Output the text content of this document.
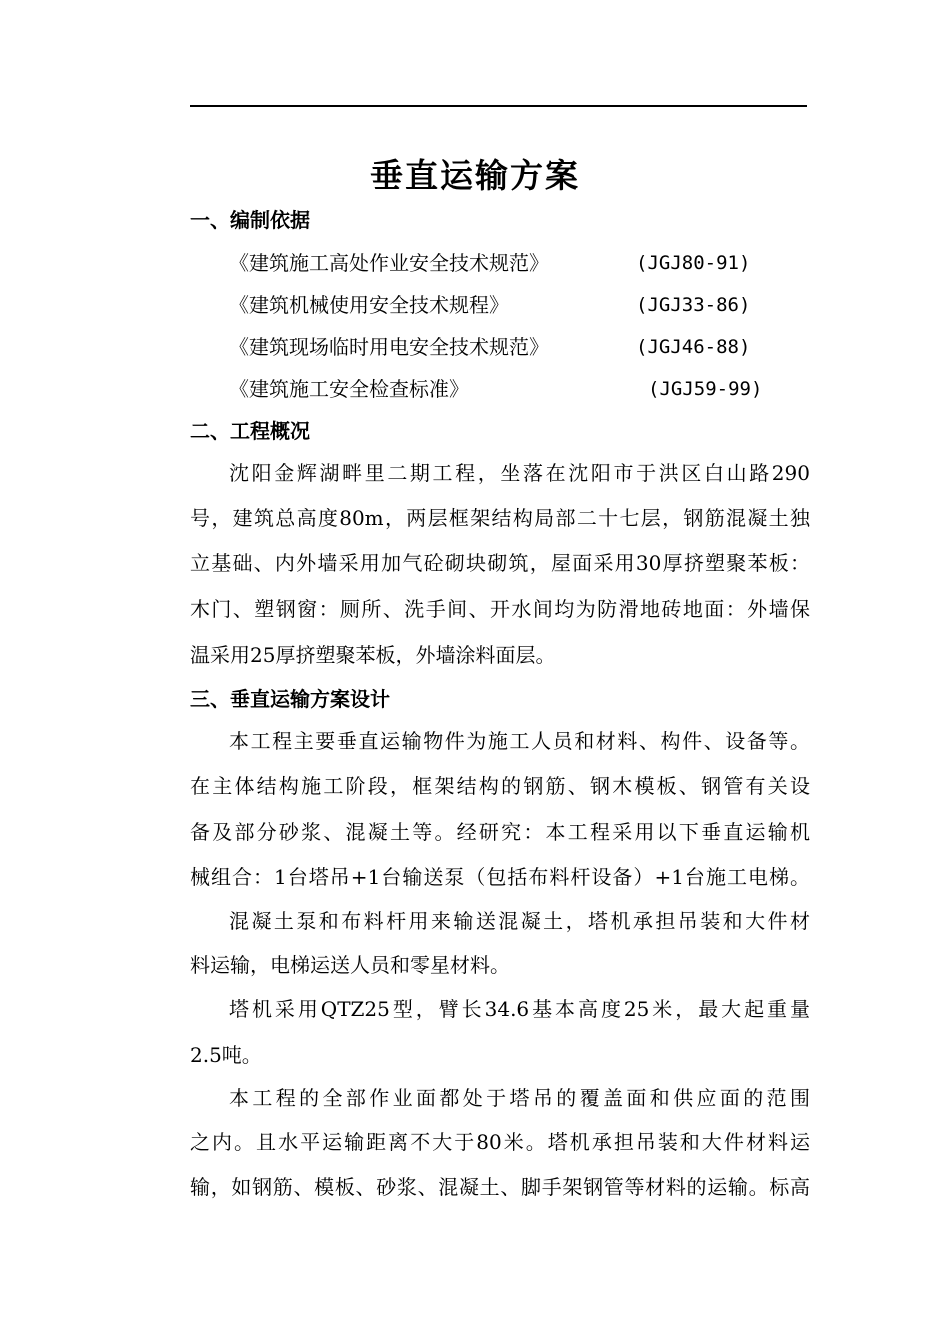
垂直运输方案
一、编制依据
《建筑施工高处作业安全技术规范》	(JGJ80-91)
《建筑机械使用安全技术规程》	(JGJ33-86)
《建筑现场临时用电安全技术规范》	(JGJ46-88)
《建筑施工安全检查标准》	(JGJ59-99)
二、工程概况
沈阳金辉湖畔里二期工程，坐落在沈阳市于洪区白山路290
号，建筑总高度80m，两层框架结构局部二十七层，钢筋混凝土独
立基础、内外墙采用加气砼砌块砌筑，屋面采用30厚挤塑聚苯板：
木门、塑钢窗：厕所、洗手间、开水间均为防滑地砖地面：外墙保
温采用25厚挤塑聚苯板，外墙涂料面层。
三、垂直运输方案设计
本工程主要垂直运输物件为施工人员和材料、构件、设备等。
在主体结构施工阶段，框架结构的钢筋、钢木模板、钢管有关设
备及部分砂浆、混凝土等。经研究：本工程采用以下垂直运输机
械组合：1台塔吊+1台输送泵（包括布料杆设备）+1台施工电梯。
混凝土泵和布料杆用来输送混凝土，塔机承担吊装和大件材
料运输，电梯运送人员和零星材料。
塔机采用QTZ25型，臂长34.6基本高度25米，最大起重量
2.5吨。
本工程的全部作业面都处于塔吊的覆盖面和供应面的范围
之内。且水平运输距离不大于80米。塔机承担吊装和大件材料运
输，如钢筋、模板、砂浆、混凝土、脚手架钢管等材料的运输。标高
